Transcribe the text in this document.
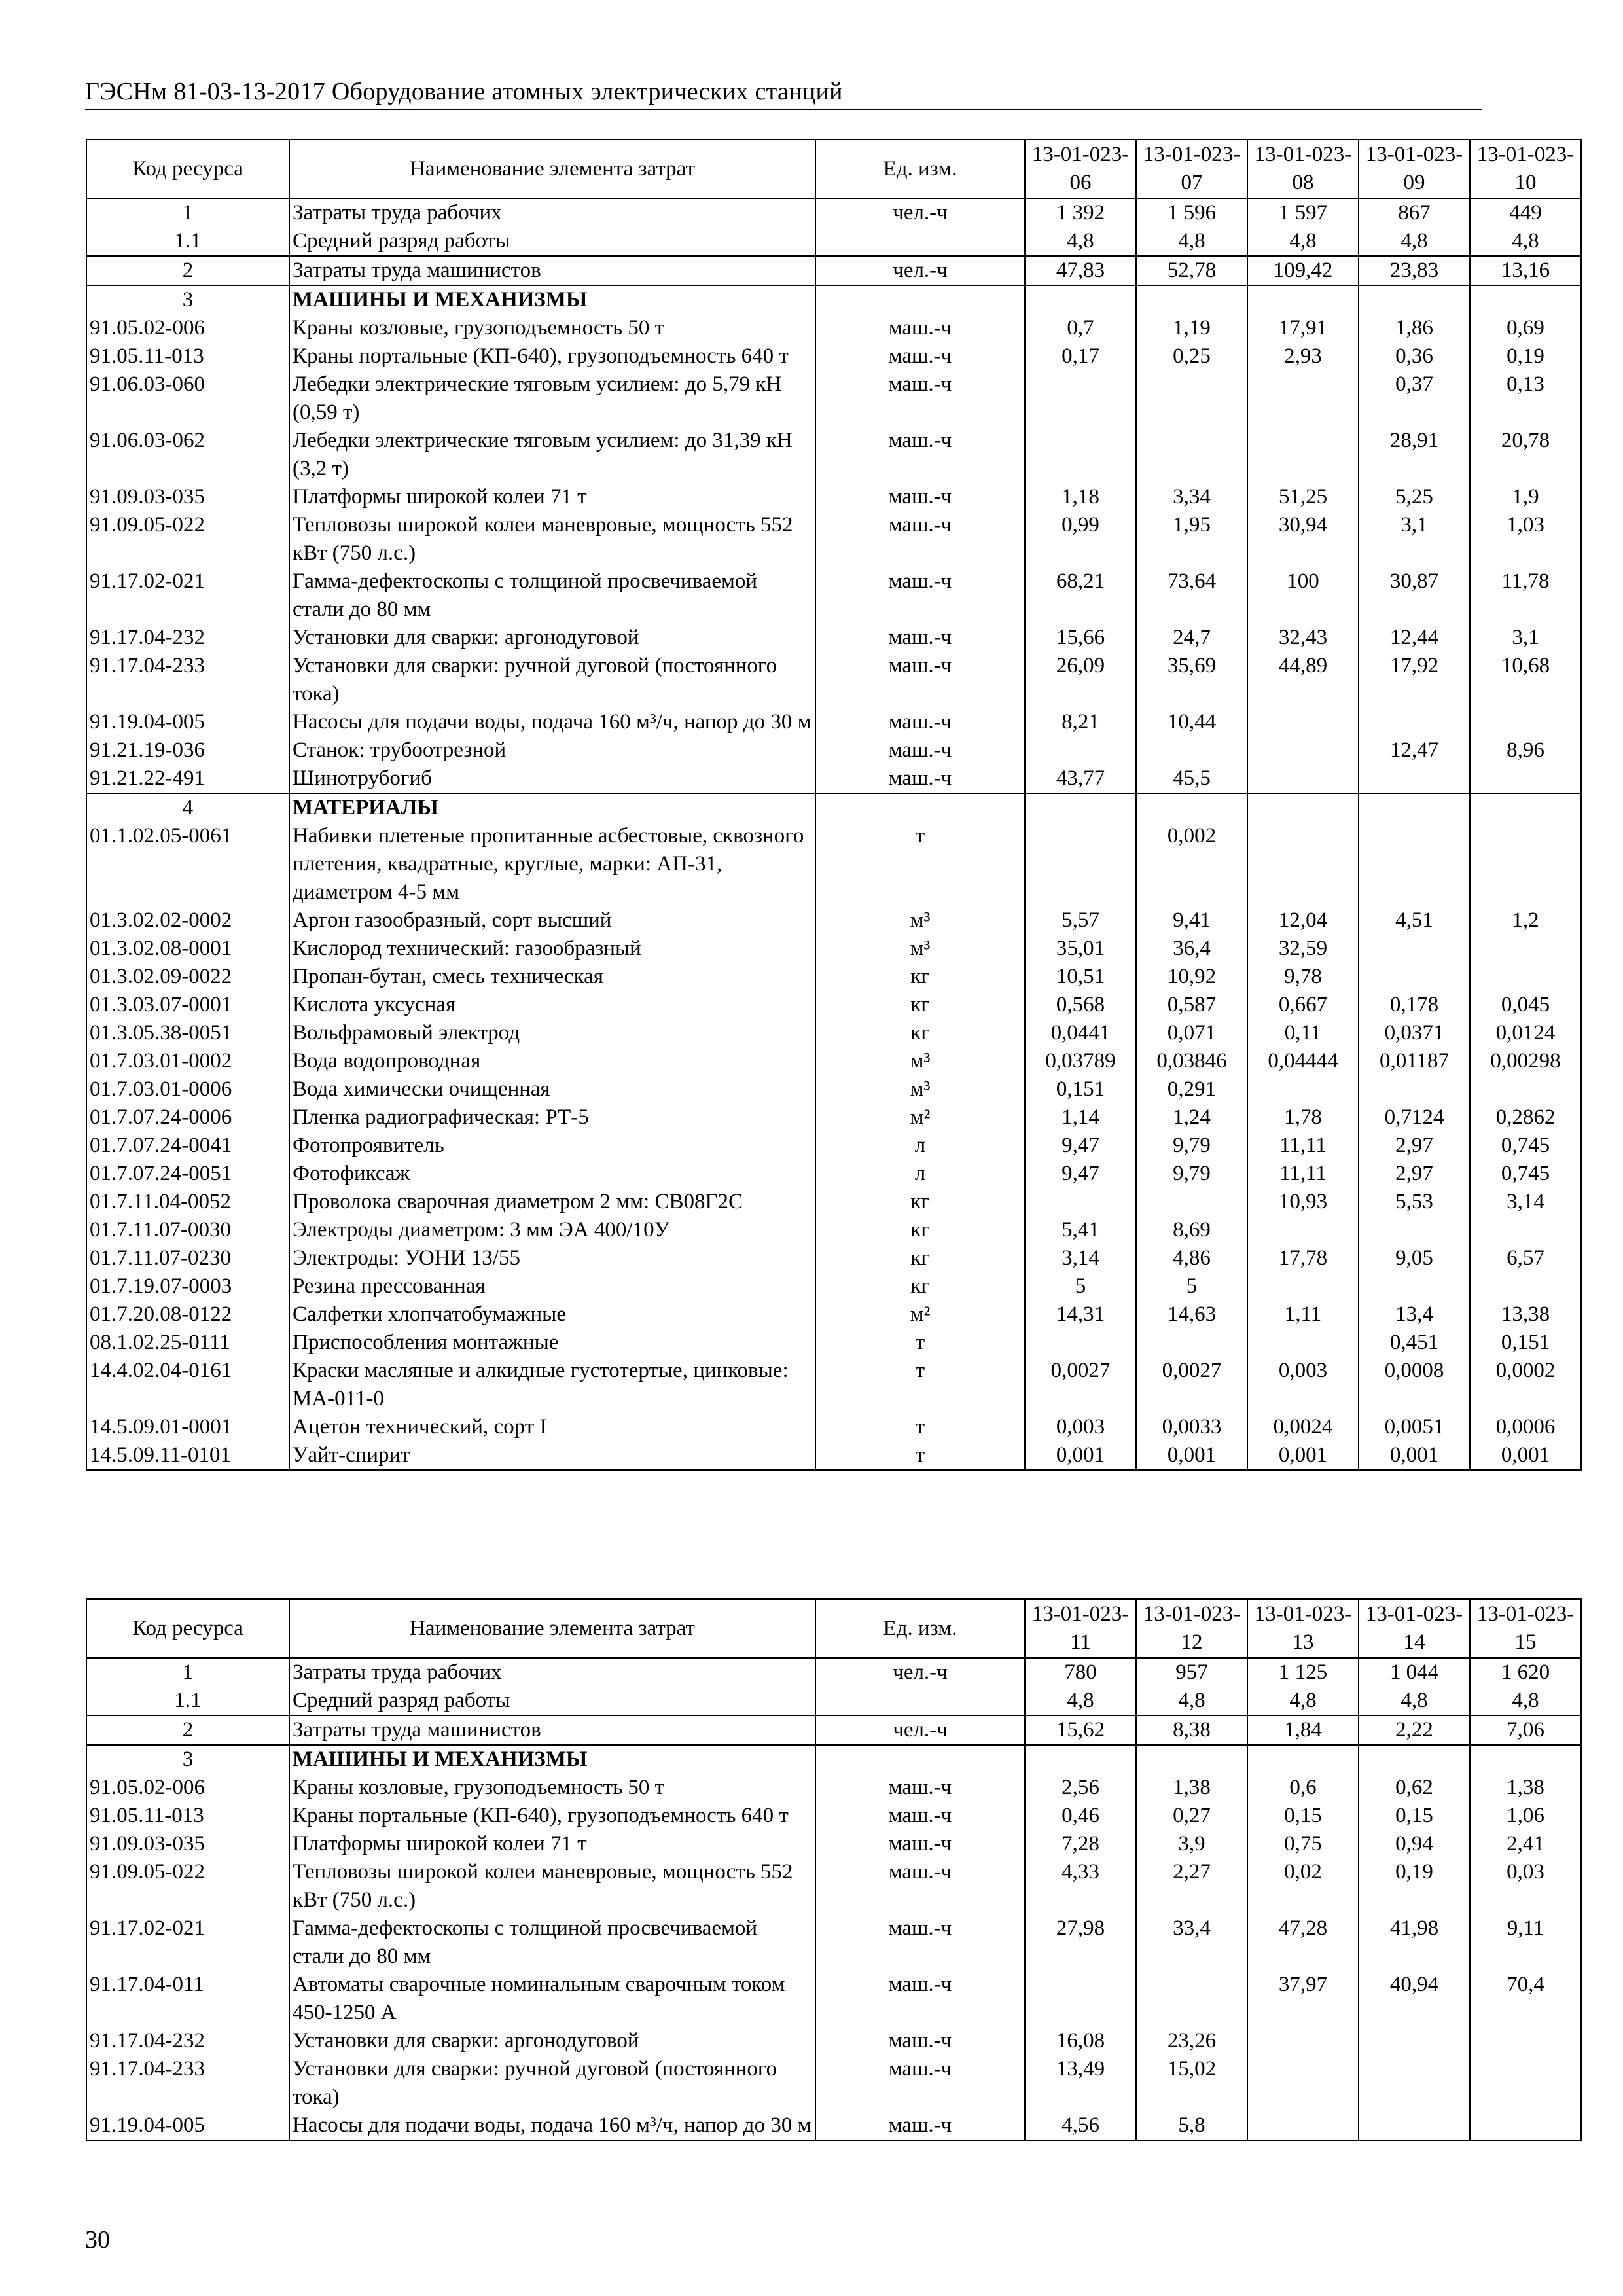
ГЭСНм 81-03-13-2017 Оборудование атомных электрических станций
Код ресурса	Наименование элемента затрат	Ед. изм.	13-01-023-06	13-01-023-07	13-01-023-08	13-01-023-09	13-01-023-10
1	Затраты труда рабочих	чел.-ч	1 392	1 596	1 597	867	449
1.1	Средний разряд работы		4,8	4,8	4,8	4,8	4,8
2	Затраты труда машинистов	чел.-ч	47,83	52,78	109,42	23,83	13,16
3	МАШИНЫ И МЕХАНИЗМЫ						
91.05.02-006	Краны козловые, грузоподъемность 50 т	маш.-ч	0,7	1,19	17,91	1,86	0,69
91.05.11-013	Краны портальные (КП-640), грузоподъемность 640 т	маш.-ч	0,17	0,25	2,93	0,36	0,19
91.06.03-060	Лебедки электрические тяговым усилием: до 5,79 кН (0,59 т)	маш.-ч				0,37	0,13
91.06.03-062	Лебедки электрические тяговым усилием: до 31,39 кН (3,2 т)	маш.-ч				28,91	20,78
91.09.03-035	Платформы широкой колеи 71 т	маш.-ч	1,18	3,34	51,25	5,25	1,9
91.09.05-022	Тепловозы широкой колеи маневровые, мощность 552 кВт (750 л.с.)	маш.-ч	0,99	1,95	30,94	3,1	1,03
91.17.02-021	Гамма-дефектоскопы с толщиной просвечиваемой стали до 80 мм	маш.-ч	68,21	73,64	100	30,87	11,78
91.17.04-232	Установки для сварки: аргонодуговой	маш.-ч	15,66	24,7	32,43	12,44	3,1
91.17.04-233	Установки для сварки: ручной дуговой (постоянного тока)	маш.-ч	26,09	35,69	44,89	17,92	10,68
91.19.04-005	Насосы для подачи воды, подача 160 м³/ч, напор до 30 м	маш.-ч	8,21	10,44			
91.21.19-036	Станок: трубоотрезной	маш.-ч				12,47	8,96
91.21.22-491	Шинотрубогиб	маш.-ч	43,77	45,5			
4	МАТЕРИАЛЫ						
01.1.02.05-0061	Набивки плетеные пропитанные асбестовые, сквозного плетения, квадратные, круглые, марки: АП-31, диаметром 4-5 мм	т		0,002			
01.3.02.02-0002	Аргон газообразный, сорт высший	м³	5,57	9,41	12,04	4,51	1,2
01.3.02.08-0001	Кислород технический: газообразный	м³	35,01	36,4	32,59		
01.3.02.09-0022	Пропан-бутан, смесь техническая	кг	10,51	10,92	9,78		
01.3.03.07-0001	Кислота уксусная	кг	0,568	0,587	0,667	0,178	0,045
01.3.05.38-0051	Вольфрамовый электрод	кг	0,0441	0,071	0,11	0,0371	0,0124
01.7.03.01-0002	Вода водопроводная	м³	0,03789	0,03846	0,04444	0,01187	0,00298
01.7.03.01-0006	Вода химически очищенная	м³	0,151	0,291			
01.7.07.24-0006	Пленка радиографическая: РТ-5	м²	1,14	1,24	1,78	0,7124	0,2862
01.7.07.24-0041	Фотопроявитель	л	9,47	9,79	11,11	2,97	0,745
01.7.07.24-0051	Фотофиксаж	л	9,47	9,79	11,11	2,97	0,745
01.7.11.04-0052	Проволока сварочная диаметром 2 мм: СВ08Г2С	кг			10,93	5,53	3,14
01.7.11.07-0030	Электроды диаметром: 3 мм ЭА 400/10У	кг	5,41	8,69			
01.7.11.07-0230	Электроды: УОНИ 13/55	кг	3,14	4,86	17,78	9,05	6,57
01.7.19.07-0003	Резина прессованная	кг	5	5			
01.7.20.08-0122	Салфетки хлопчатобумажные	м²	14,31	14,63	1,11	13,4	13,38
08.1.02.25-0111	Приспособления монтажные	т				0,451	0,151
14.4.02.04-0161	Краски масляные и алкидные густотертые, цинковые: МА-011-0	т	0,0027	0,0027	0,003	0,0008	0,0002
14.5.09.01-0001	Ацетон технический, сорт I	т	0,003	0,0033	0,0024	0,0051	0,0006
14.5.09.11-0101	Уайт-спирит	т	0,001	0,001	0,001	0,001	0,001
Код ресурса	Наименование элемента затрат	Ед. изм.	13-01-023-11	13-01-023-12	13-01-023-13	13-01-023-14	13-01-023-15
1	Затраты труда рабочих	чел.-ч	780	957	1 125	1 044	1 620
1.1	Средний разряд работы		4,8	4,8	4,8	4,8	4,8
2	Затраты труда машинистов	чел.-ч	15,62	8,38	1,84	2,22	7,06
3	МАШИНЫ И МЕХАНИЗМЫ						
91.05.02-006	Краны козловые, грузоподъемность 50 т	маш.-ч	2,56	1,38	0,6	0,62	1,38
91.05.11-013	Краны портальные (КП-640), грузоподъемность 640 т	маш.-ч	0,46	0,27	0,15	0,15	1,06
91.09.03-035	Платформы широкой колеи 71 т	маш.-ч	7,28	3,9	0,75	0,94	2,41
91.09.05-022	Тепловозы широкой колеи маневровые, мощность 552 кВт (750 л.с.)	маш.-ч	4,33	2,27	0,02	0,19	0,03
91.17.02-021	Гамма-дефектоскопы с толщиной просвечиваемой стали до 80 мм	маш.-ч	27,98	33,4	47,28	41,98	9,11
91.17.04-011	Автоматы сварочные номинальным сварочным током 450-1250 А	маш.-ч			37,97	40,94	70,4
91.17.04-232	Установки для сварки: аргонодуговой	маш.-ч	16,08	23,26			
91.17.04-233	Установки для сварки: ручной дуговой (постоянного тока)	маш.-ч	13,49	15,02			
91.19.04-005	Насосы для подачи воды, подача 160 м³/ч, напор до 30 м	маш.-ч	4,56	5,8			
30
